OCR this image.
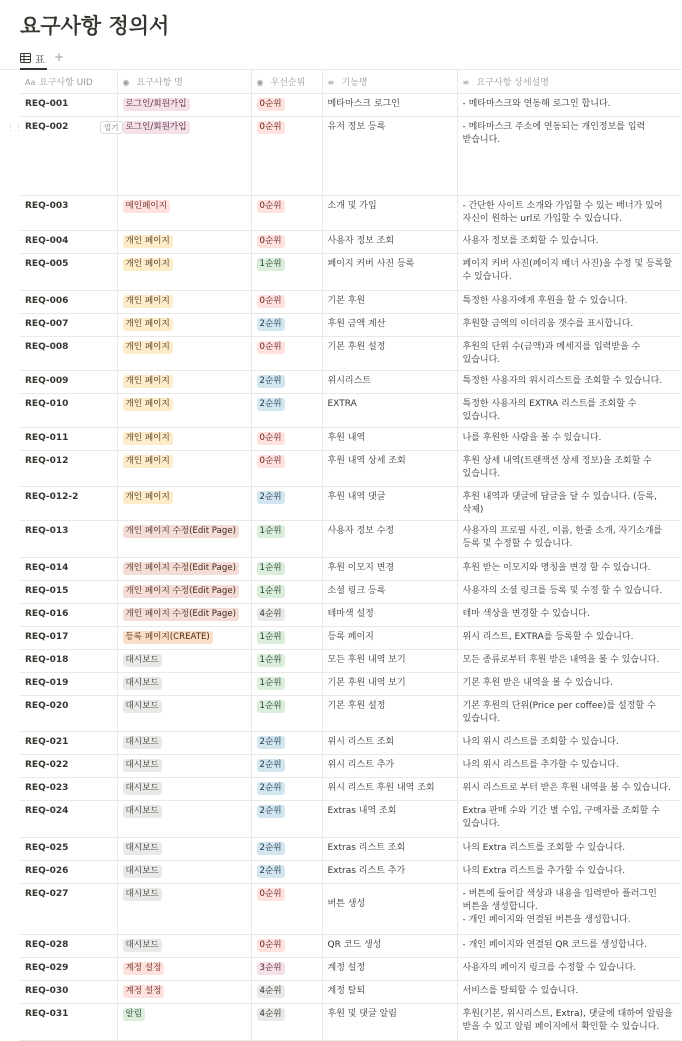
요구사항 정의서
표 +
⋮⋮
Aa 요구사항 UID	◉ 요구사항 명	◉ 우선순위	≡ 기능명	≡ 요구사항 상세설명
REQ-001	로그인/회원가입	0순위	메타마스크 로그인	- 메타마스크와 연동해 로그인 합니다.
REQ-002 열기	로그인/회원가입	0순위	유저 정보 등록	- 메타마스크 주소에 연동되는 개인정보를 입력 받습니다.
REQ-003	메인페이지	0순위	소개 및 가입	- 간단한 사이트 소개와 가입할 수 있는 배너가 있어 자신이 원하는 url로 가입할 수 있습니다.
REQ-004	개인 페이지	0순위	사용자 정보 조회	사용자 정보를 조회할 수 있습니다.
REQ-005	개인 페이지	1순위	페이지 커버 사진 등록	페이지 커버 사진(페이지 배너 사진)을 수정 및 등록할 수 있습니다.
REQ-006	개인 페이지	0순위	기본 후원	특정한 사용자에게 후원을 할 수 있습니다.
REQ-007	개인 페이지	2순위	후원 금액 계산	후원할 금액의 이더리움 갯수를 표시합니다.
REQ-008	개인 페이지	0순위	기본 후원 설정	후원의 단위 수(금액)과 메세지를 입력받을 수 있습니다.
REQ-009	개인 페이지	2순위	위시리스트	특정한 사용자의 위시리스트를 조회할 수 있습니다.
REQ-010	개인 페이지	2순위	EXTRA	특정한 사용자의 EXTRA 리스트를 조회할 수 있습니다.
REQ-011	개인 페이지	0순위	후원 내역	나를 후원한 사람을 볼 수 있습니다.
REQ-012	개인 페이지	0순위	후원 내역 상세 조회	후원 상세 내역(트랜잭션 상세 정보)을 조회할 수 있습니다.
REQ-012-2	개인 페이지	2순위	후원 내역 댓글	후원 내역과 댓글에 답글을 달 수 있습니다. (등록, 삭제)
REQ-013	개인 페이지 수정(Edit Page)	1순위	사용자 정보 수정	사용자의 프로필 사진, 이름, 한줄 소개, 자기소개를 등록 및 수정할 수 있습니다.
REQ-014	개인 페이지 수정(Edit Page)	1순위	후원 이모지 변경	후원 받는 이모지와 명칭을 변경 할 수 있습니다.
REQ-015	개인 페이지 수정(Edit Page)	1순위	소셜 링크 등록	사용자의 소셜 링크를 등록 및 수정 할 수 있습니다.
REQ-016	개인 페이지 수정(Edit Page)	4순위	테마색 설정	테마 색상을 변경할 수 있습니다.
REQ-017	등록 페이지(CREATE)	1순위	등록 페이지	위시 리스트, EXTRA를 등록할 수 있습니다.
REQ-018	대시보드	1순위	모든 후원 내역 보기	모든 종류로부터 후원 받은 내역을 볼 수 있습니다.
REQ-019	대시보드	1순위	기본 후원 내역 보기	기본 후원 받은 내역을 볼 수 있습니다.
REQ-020	대시보드	1순위	기본 후원 설정	기본 후원의 단위(Price per coffee)를 설정할 수 있습니다.
REQ-021	대시보드	2순위	위시 리스트 조회	나의 위시 리스트를 조회할 수 있습니다.
REQ-022	대시보드	2순위	위시 리스트 추가	나의 위시 리스트를 추가할 수 있습니다.
REQ-023	대시보드	2순위	위시 리스트 후원 내역 조회	위시 리스트로 부터 받은 후원 내역을 볼 수 있습니다.
REQ-024	대시보드	2순위	Extras 내역 조회	Extra 판매 수와 기간 별 수입, 구매자를 조회할 수 있습니다.
REQ-025	대시보드	2순위	Extras 리스트 조회	나의 Extra 리스트를 조회할 수 있습니다.
REQ-026	대시보드	2순위	Extras 리스트 추가	나의 Extra 리스트를 추가할 수 있습니다.
REQ-027	대시보드	0순위	버튼 생성	- 버튼에 들어갈 색상과 내용을 입력받아 플러그인 버튼을 생성합니다.
- 개인 페이지와 연결된 버튼을 생성합니다.

REQ-028	대시보드	0순위	QR 코드 생성	- 개인 페이지와 연결된 QR 코드를 생성합니다.
REQ-029	계정 설정	3순위	계정 설정	사용자의 페이지 링크를 수정할 수 있습니다.
REQ-030	계정 설정	4순위	계정 탈퇴	서비스를 탈퇴할 수 있습니다.
REQ-031	알림	4순위	후원 및 댓글 알림	후원(기본, 위시리스트, Extra), 댓글에 대하여 알림을 받을 수 있고 알림 페이지에서 확인할 수 있습니다.
